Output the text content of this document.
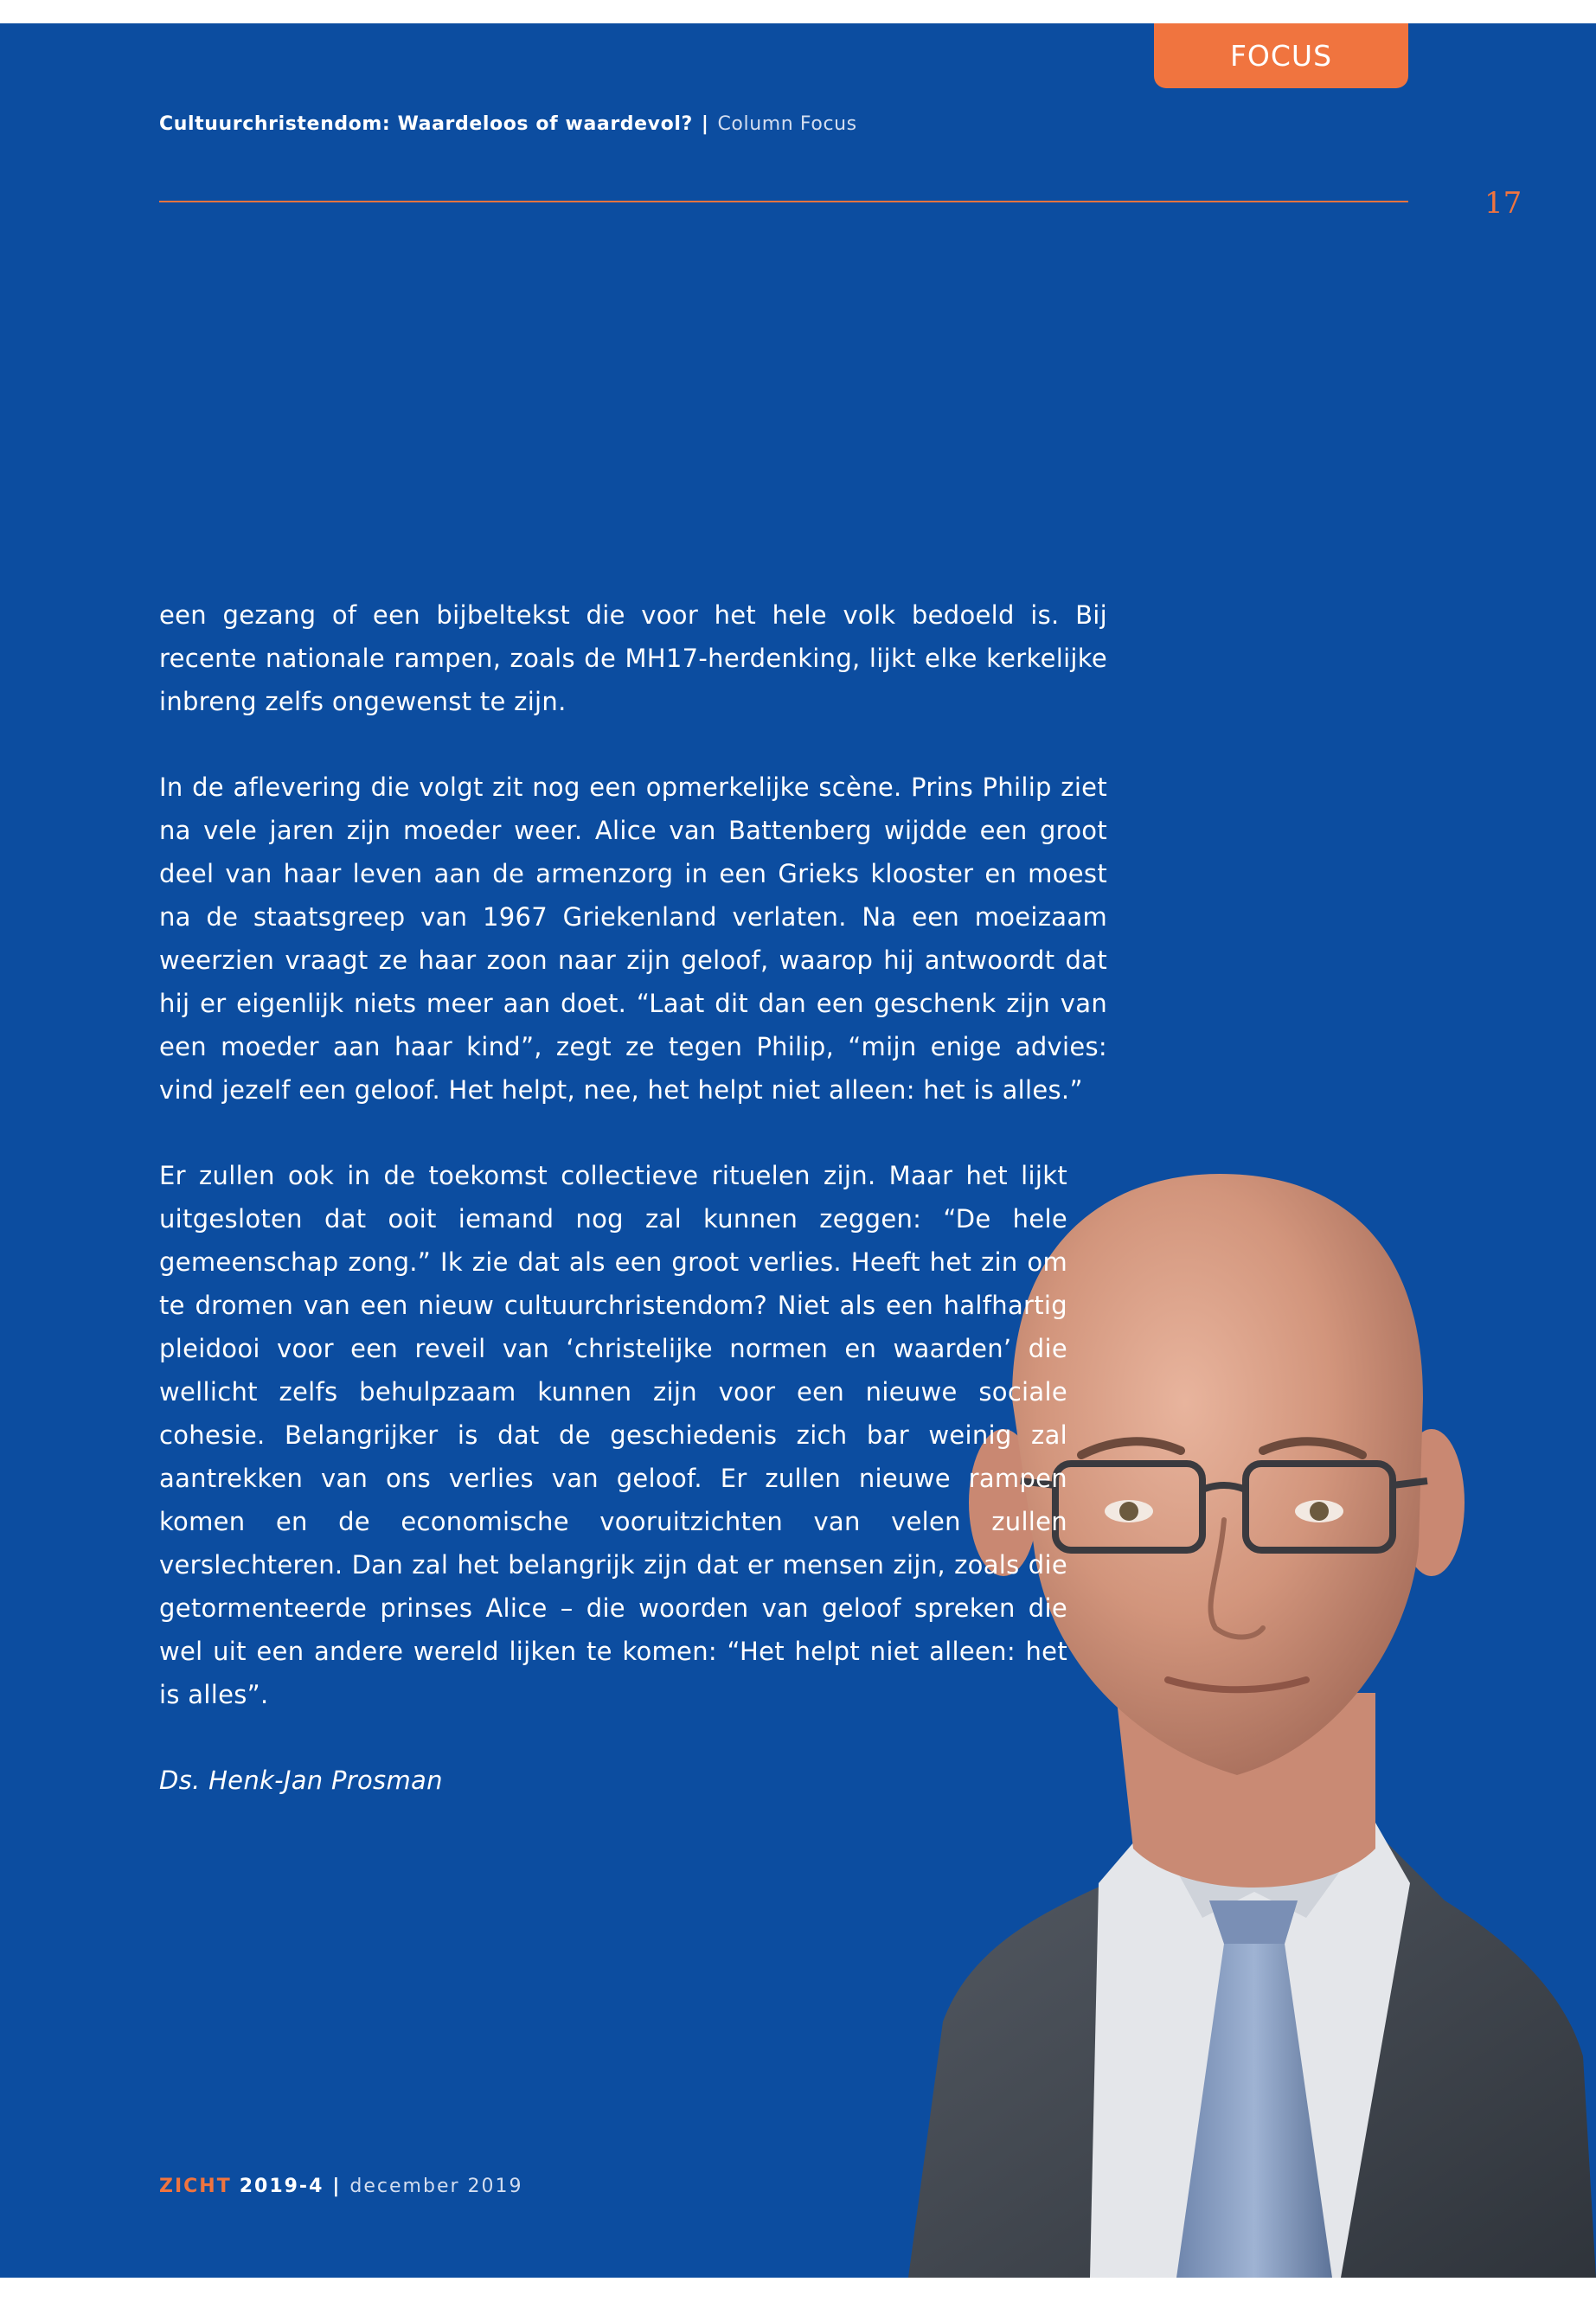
FOCUS
Cultuurchristendom: Waardeloos of waardevol? | Column Focus
17

een gezang of een bijbeltekst die voor het hele volk bedoeld is. Bij recente nationale rampen, zoals de MH17-herdenking, lijkt elke kerkelijke inbreng zelfs ongewenst te zijn.

In de aflevering die volgt zit nog een opmerkelijke scène. Prins Philip ziet na vele jaren zijn moeder weer. Alice van Battenberg wijdde een groot deel van haar leven aan de armenzorg in een Grieks klooster en moest na de staatsgreep van 1967 Griekenland verlaten. Na een moeizaam weerzien vraagt ze haar zoon naar zijn geloof, waarop hij antwoordt dat hij er eigenlijk niets meer aan doet. “Laat dit dan een geschenk zijn van een moeder aan haar kind”, zegt ze tegen Philip, “mijn enige advies: vind jezelf een geloof. Het helpt, nee, het helpt niet alleen: het is alles.”

Er zullen ook in de toekomst collectieve rituelen zijn. Maar het lijkt uitgesloten dat ooit iemand nog zal kunnen zeggen: “De hele gemeenschap zong.” Ik zie dat als een groot verlies. Heeft het zin om te dromen van een nieuw cultuurchristendom? Niet als een halfhartig pleidooi voor een reveil van ‘christelijke normen en waarden’ die wellicht zelfs behulpzaam kunnen zijn voor een nieuwe sociale cohesie. Belangrijker is dat de geschiedenis zich bar weinig zal aantrekken van ons verlies van geloof. Er zullen nieuwe rampen komen en de economische vooruitzichten van velen zullen verslechteren. Dan zal het belangrijk zijn dat er mensen zijn, zoals die getormenteerde prinses Alice – die woorden van geloof spreken die wel uit een andere wereld lijken te komen: “Het helpt niet alleen: het is alles”.

Ds. Henk-Jan Prosman

ZICHT 2019-4 | december 2019
